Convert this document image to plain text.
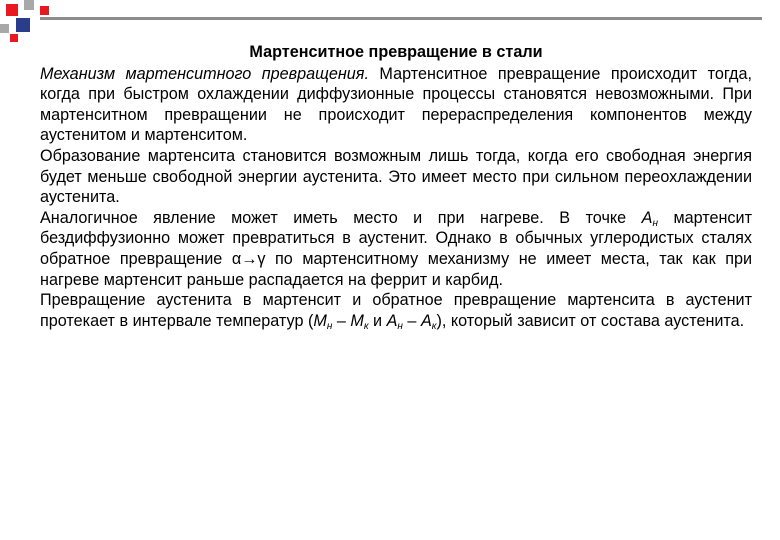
Мартенситное превращение в стали

Механизм мартенситного превращения. Мартенситное превращение происходит тогда, когда при быстром охлаждении диффузионные процессы становятся невозможными. При мартенситном превращении не происходит перераспределения компонентов между аустенитом и мартенситом.

Образование мартенсита становится возможным лишь тогда, когда его свободная энергия будет меньше свободной энергии аустенита. Это имеет место при сильном переохлаждении аустенита.

Аналогичное явление может иметь место и при нагреве. В точке $А_н$ мартенсит бездиффузионно может превратиться в аустенит. Однако в обычных углеродистых сталях обратное превращение α→γ по мартенситному механизму не имеет места, так как при нагреве мартенсит раньше распадается на феррит и карбид.

Превращение аустенита в мартенсит и обратное превращение мартенсита в аустенит протекает в интервале температур ($М_н - М_к$ и $А_н - А_к$), который зависит от состава аустенита.
